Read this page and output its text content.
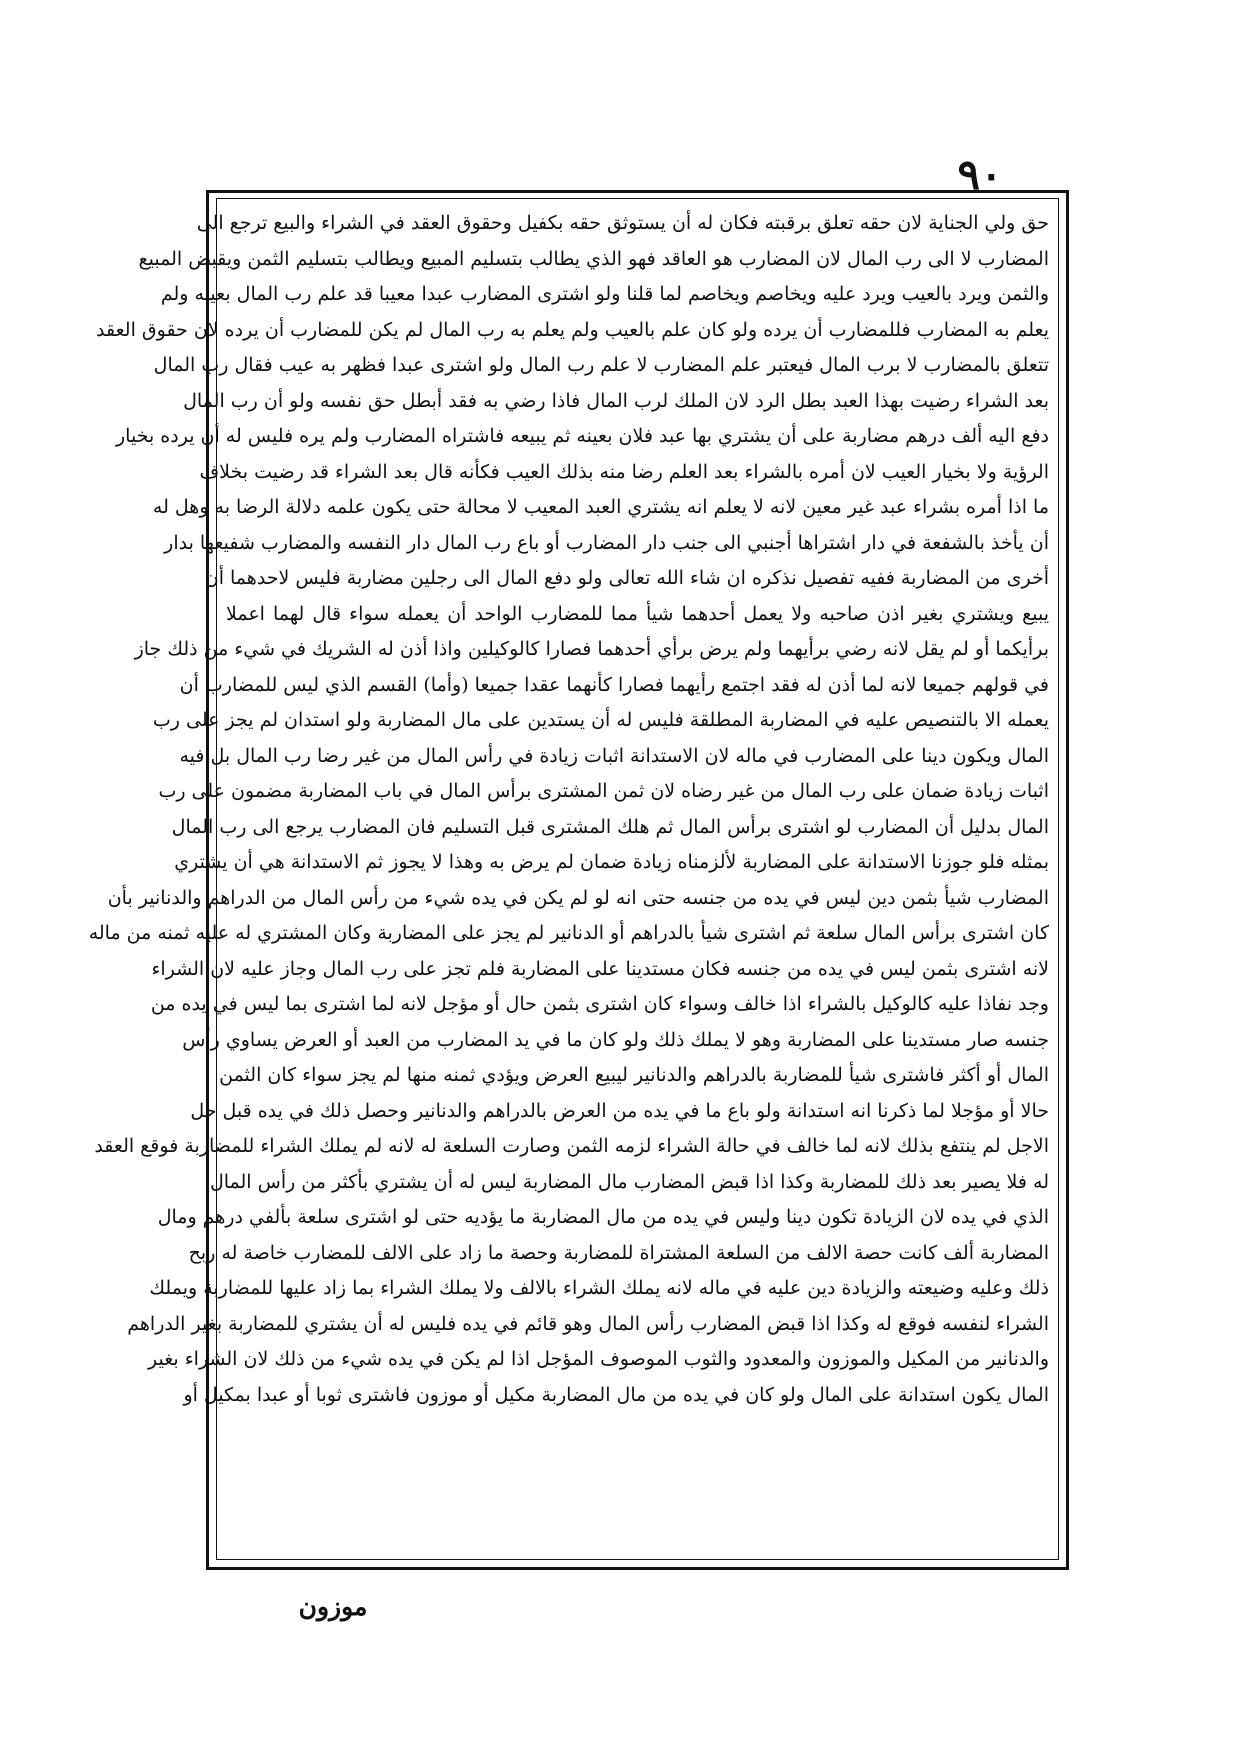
٩٠
حق ولي الجناية لان حقه تعلق برقبته فكان له أن يستوثق حقه بكفيل وحقوق العقد في الشراء والبيع ترجع الى
المضارب لا الى رب المال لان المضارب هو العاقد فهو الذي يطالب بتسليم المبيع ويطالب بتسليم الثمن ويقبض المبيع
والثمن ويرد بالعيب ويرد عليه ويخاصم ويخاصم لما قلنا ولو اشترى المضارب عبدا معيبا قد علم رب المال بعيبه ولم
يعلم به المضارب فللمضارب أن يرده ولو كان علم بالعيب ولم يعلم به رب المال لم يكن للمضارب أن يرده لان حقوق العقد
تتعلق بالمضارب لا برب المال فيعتبر علم المضارب لا علم رب المال ولو اشترى عبدا فظهر به عيب فقال رب المال
بعد الشراء رضيت بهذا العبد بطل الرد لان الملك لرب المال فاذا رضي به فقد أبطل حق نفسه ولو أن رب المال
دفع اليه ألف درهم مضاربة على أن يشتري بها عبد فلان بعينه ثم يبيعه فاشتراه المضارب ولم يره فليس له أن يرده بخيار
الرؤية ولا بخيار العيب لان أمره بالشراء بعد العلم رضا منه بذلك العيب فكأنه قال بعد الشراء قد رضيت بخلاف
ما اذا أمره بشراء عبد غير معين لانه لا يعلم انه يشتري العبد المعيب لا محالة حتى يكون علمه دلالة الرضا به وهل له
أن يأخذ بالشفعة في دار اشتراها أجنبي الى جنب دار المضارب أو باع رب المال دار النفسه والمضارب شفيعها بدار
أخرى من المضاربة ففيه تفصيل نذكره ان شاء الله تعالى ولو دفع المال الى رجلين مضاربة فليس لاحدهما أن
يبيع ويشتري بغير اذن صاحبه ولا يعمل أحدهما شيأ مما للمضارب الواحد أن يعمله سواء قال لهما اعملا
برأيكما أو لم يقل لانه رضي برأيهما ولم يرض برأي أحدهما فصارا كالوكيلين واذا أذن له الشريك في شيء من ذلك جاز
في قولهم جميعا لانه لما أذن له فقد اجتمع رأيهما فصارا كأنهما عقدا جميعا (وأما) القسم الذي ليس للمضارب أن
يعمله الا بالتنصيص عليه في المضاربة المطلقة فليس له أن يستدين على مال المضاربة ولو استدان لم يجز على رب
المال ويكون دينا على المضارب في ماله لان الاستدانة اثبات زيادة في رأس المال من غير رضا رب المال بل فيه
اثبات زيادة ضمان على رب المال من غير رضاه لان ثمن المشترى برأس المال في باب المضاربة مضمون على رب
المال بدليل أن المضارب لو اشترى برأس المال ثم هلك المشترى قبل التسليم فان المضارب يرجع الى رب المال
بمثله فلو جوزنا الاستدانة على المضاربة لألزمناه زيادة ضمان لم يرض به وهذا لا يجوز ثم الاستدانة هي أن يشتري
المضارب شيأ بثمن دين ليس في يده من جنسه حتى انه لو لم يكن في يده شيء من رأس المال من الدراهم والدنانير بأن
كان اشترى برأس المال سلعة ثم اشترى شيأ بالدراهم أو الدنانير لم يجز على المضاربة وكان المشتري له عليه ثمنه من ماله
لانه اشترى بثمن ليس في يده من جنسه فكان مستدينا على المضاربة فلم تجز على رب المال وجاز عليه لان الشراء
وجد نفاذا عليه كالوكيل بالشراء اذا خالف وسواء كان اشترى بثمن حال أو مؤجل لانه لما اشترى بما ليس في يده من
جنسه صار مستدينا على المضاربة وهو لا يملك ذلك ولو كان ما في يد المضارب من العبد أو العرض يساوي رأس
المال أو أكثر فاشترى شيأ للمضاربة بالدراهم والدنانير ليبيع العرض ويؤدي ثمنه منها لم يجز سواء كان الثمن
حالا أو مؤجلا لما ذكرنا انه استدانة ولو باع ما في يده من العرض بالدراهم والدنانير وحصل ذلك في يده قبل حل
الاجل لم ينتفع بذلك لانه لما خالف في حالة الشراء لزمه الثمن وصارت السلعة له لانه لم يملك الشراء للمضاربة فوقع العقد
له فلا يصير بعد ذلك للمضاربة وكذا اذا قبض المضارب مال المضاربة ليس له أن يشتري بأكثر من رأس المال
الذي في يده لان الزيادة تكون دينا وليس في يده من مال المضاربة ما يؤديه حتى لو اشترى سلعة بألفي درهم ومال
المضاربة ألف كانت حصة الالف من السلعة المشتراة للمضاربة وحصة ما زاد على الالف للمضارب خاصة له ربح
ذلك وعليه وضيعته والزيادة دين عليه في ماله لانه يملك الشراء بالالف ولا يملك الشراء بما زاد عليها للمضاربة ويملك
الشراء لنفسه فوقع له وكذا اذا قبض المضارب رأس المال وهو قائم في يده فليس له أن يشتري للمضاربة بغير الدراهم
والدنانير من المكيل والموزون والمعدود والثوب الموصوف المؤجل اذا لم يكن في يده شيء من ذلك لان الشراء بغير
المال يكون استدانة على المال ولو كان في يده من مال المضاربة مكيل أو موزون فاشترى ثوبا أو عبدا بمكيل أو
موزون
